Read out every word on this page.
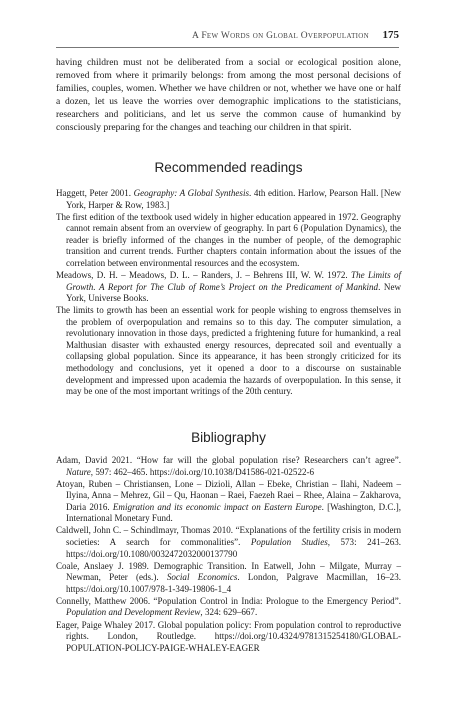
A Few Words on Global Overpopulation 175

having children must not be deliberated from a social or ecological position alone, removed from where it primarily belongs: from among the most personal decisions of families, couples, women. Whether we have children or not, whether we have one or half a dozen, let us leave the worries over demographic implications to the statisticians, researchers and politicians, and let us serve the common cause of humankind by consciously preparing for the changes and teaching our children in that spirit.

Recommended readings
Haggett, Peter 2001. Geography: A Global Synthesis. 4th edition. Harlow, Pearson Hall. [New York, Harper & Row, 1983.]
The first edition of the textbook used widely in higher education appeared in 1972. Geography cannot remain absent from an overview of geography. In part 6 (Population Dynamics), the reader is briefly informed of the changes in the number of people, of the demographic transition and current trends. Further chapters contain information about the issues of the correlation between environmental resources and the ecosystem.
Meadows, D. H. – Meadows, D. L. – Randers, J. – Behrens III, W. W. 1972. The Limits of Growth. A Report for The Club of Rome’s Project on the Predicament of Mankind. New York, Universe Books.
The limits to growth has been an essential work for people wishing to engross themselves in the problem of overpopulation and remains so to this day. The computer simulation, a revolutionary innovation in those days, predicted a frightening future for humankind, a real Malthusian disaster with exhausted energy resources, deprecated soil and eventually a collapsing global population. Since its appearance, it has been strongly criticized for its methodology and conclusions, yet it opened a door to a discourse on sustainable development and impressed upon academia the hazards of overpopulation. In this sense, it may be one of the most important writings of the 20th century.
Bibliography
Adam, David 2021. “How far will the global population rise? Researchers can’t agree”. Nature, 597: 462–465. https://doi.org/10.1038/D41586-021-02522-6
Atoyan, Ruben – Christiansen, Lone – Dizioli, Allan – Ebeke, Christian – Ilahi, Nadeem –Ilyina, Anna – Mehrez, Gil – Qu, Haonan – Raei, Faezeh Raei – Rhee, Alaina – Zakharova, Daria 2016. Emigration and its economic impact on Eastern Europe. [Washington, D.C.], International Monetary Fund.
Caldwell, John C. – Schindlmayr, Thomas 2010. “Explanations of the fertility crisis in modern societies: A search for commonalities”. Population Studies, 573: 241–263. https://doi.org/10.1080/0032472032000137790
Coale, Anslaey J. 1989. Demographic Transition. In Eatwell, John – Milgate, Murray – Newman, Peter (eds.). Social Economics. London, Palgrave Macmillan, 16–23. https://doi.org/10.1007/978-1-349-19806-1_4
Connelly, Matthew 2006. “Population Control in India: Prologue to the Emergency Period”. Population and Development Review, 324: 629–667.
Eager, Paige Whaley 2017. Global population policy: From population control to reproductive rights. London, Routledge. https://doi.org/10.4324/9781315254180/GLOBAL-POPULATION-POLICY-PAIGE-WHALEY-EAGER
